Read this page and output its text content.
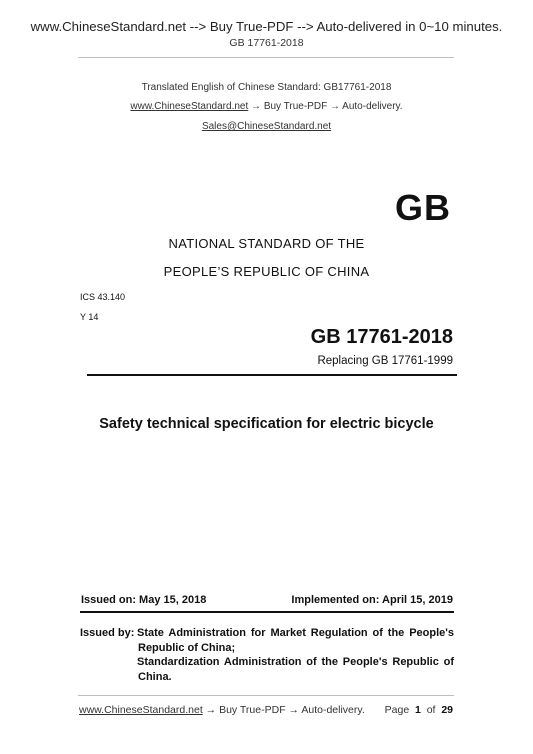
www.ChineseStandard.net --> Buy True-PDF --> Auto-delivered in 0~10 minutes.
GB 17761-2018
Translated English of Chinese Standard: GB17761-2018
www.ChineseStandard.net → Buy True-PDF → Auto-delivery.
Sales@ChineseStandard.net
GB
NATIONAL STANDARD OF THE
PEOPLE’S REPUBLIC OF CHINA
ICS 43.140
Y 14
GB 17761-2018
Replacing GB 17761-1999
Safety technical specification for electric bicycle
Issued on: May 15, 2018	Implemented on: April 15, 2019
Issued by: State Administration for Market Regulation of the People's
Republic of China;
Standardization Administration of the People's Republic of
China.
www.ChineseStandard.net → Buy True-PDF → Auto-delivery. Page 1 of 29
